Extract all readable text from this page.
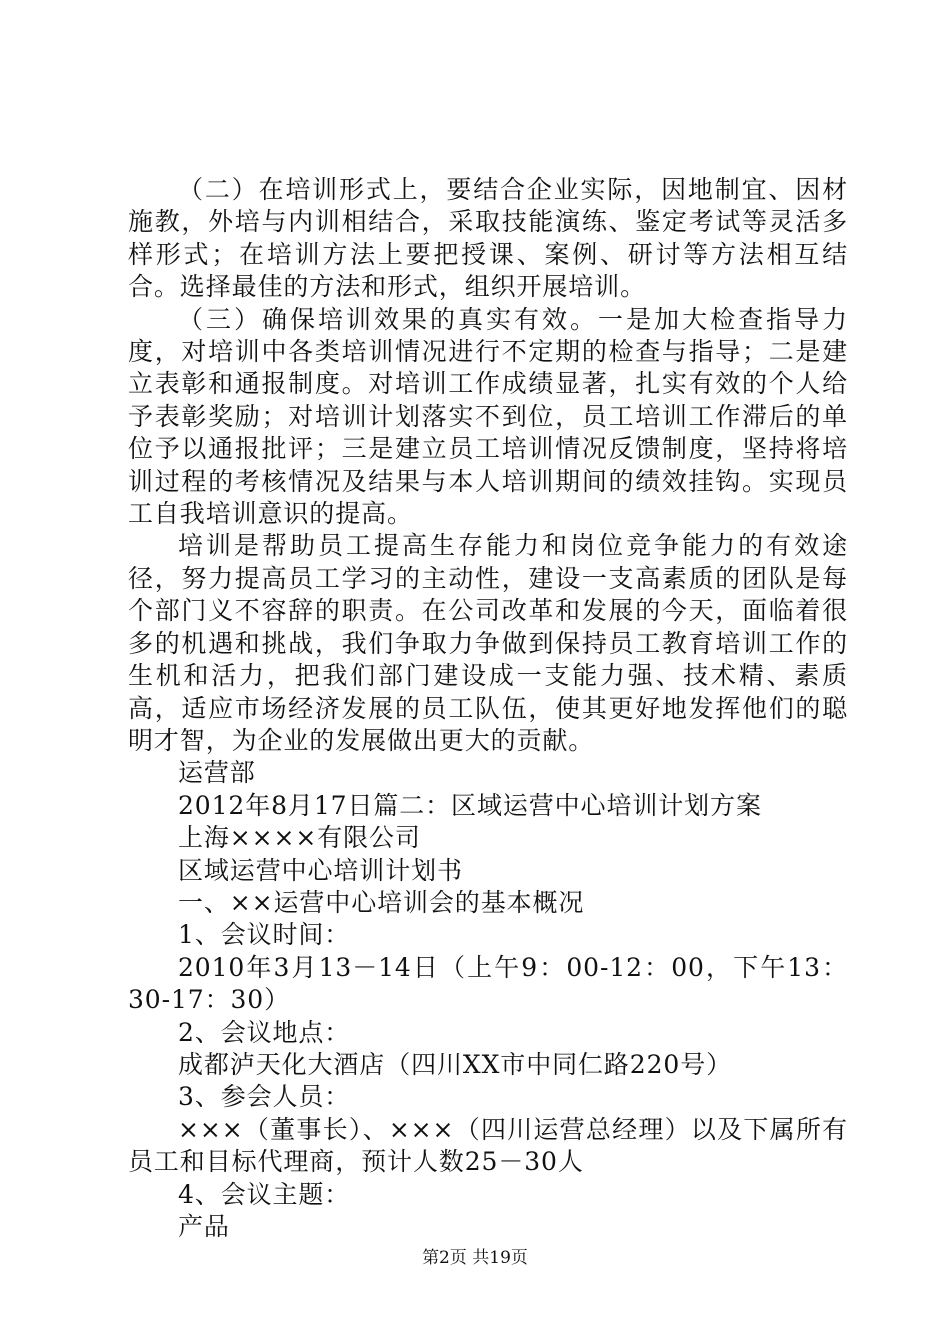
（二）在培训形式上，要结合企业实际，因地制宜、因材施教，外培与内训相结合，采取技能演练、鉴定考试等灵活多样形式；在培训方法上要把授课、案例、研讨等方法相互结合。选择最佳的方法和形式，组织开展培训。

（三）确保培训效果的真实有效。一是加大检查指导力度，对培训中各类培训情况进行不定期的检查与指导；二是建立表彰和通报制度。对培训工作成绩显著，扎实有效的个人给予表彰奖励；对培训计划落实不到位，员工培训工作滞后的单位予以通报批评；三是建立员工培训情况反馈制度，坚持将培训过程的考核情况及结果与本人培训期间的绩效挂钩。实现员工自我培训意识的提高。

培训是帮助员工提高生存能力和岗位竞争能力的有效途径，努力提高员工学习的主动性，建设一支高素质的团队是每个部门义不容辞的职责。在公司改革和发展的今天，面临着很多的机遇和挑战，我们争取力争做到保持员工教育培训工作的生机和活力，把我们部门建设成一支能力强、技术精、素质高，适应市场经济发展的员工队伍，使其更好地发挥他们的聪明才智，为企业的发展做出更大的贡献。

运营部

2012年8月17日篇二：区域运营中心培训计划方案

上海××××有限公司

区域运营中心培训计划书

一、××运营中心培训会的基本概况

1、会议时间：

2010年3月13－14日（上午9：00-12：00，下午13：30-17：30）

2、会议地点：

成都泸天化大酒店（四川XX市中同仁路220号）

3、参会人员：

×××（董事长）、×××（四川运营总经理）以及下属所有员工和目标代理商，预计人数25－30人

4、会议主题：

产品

第2页 共19页
